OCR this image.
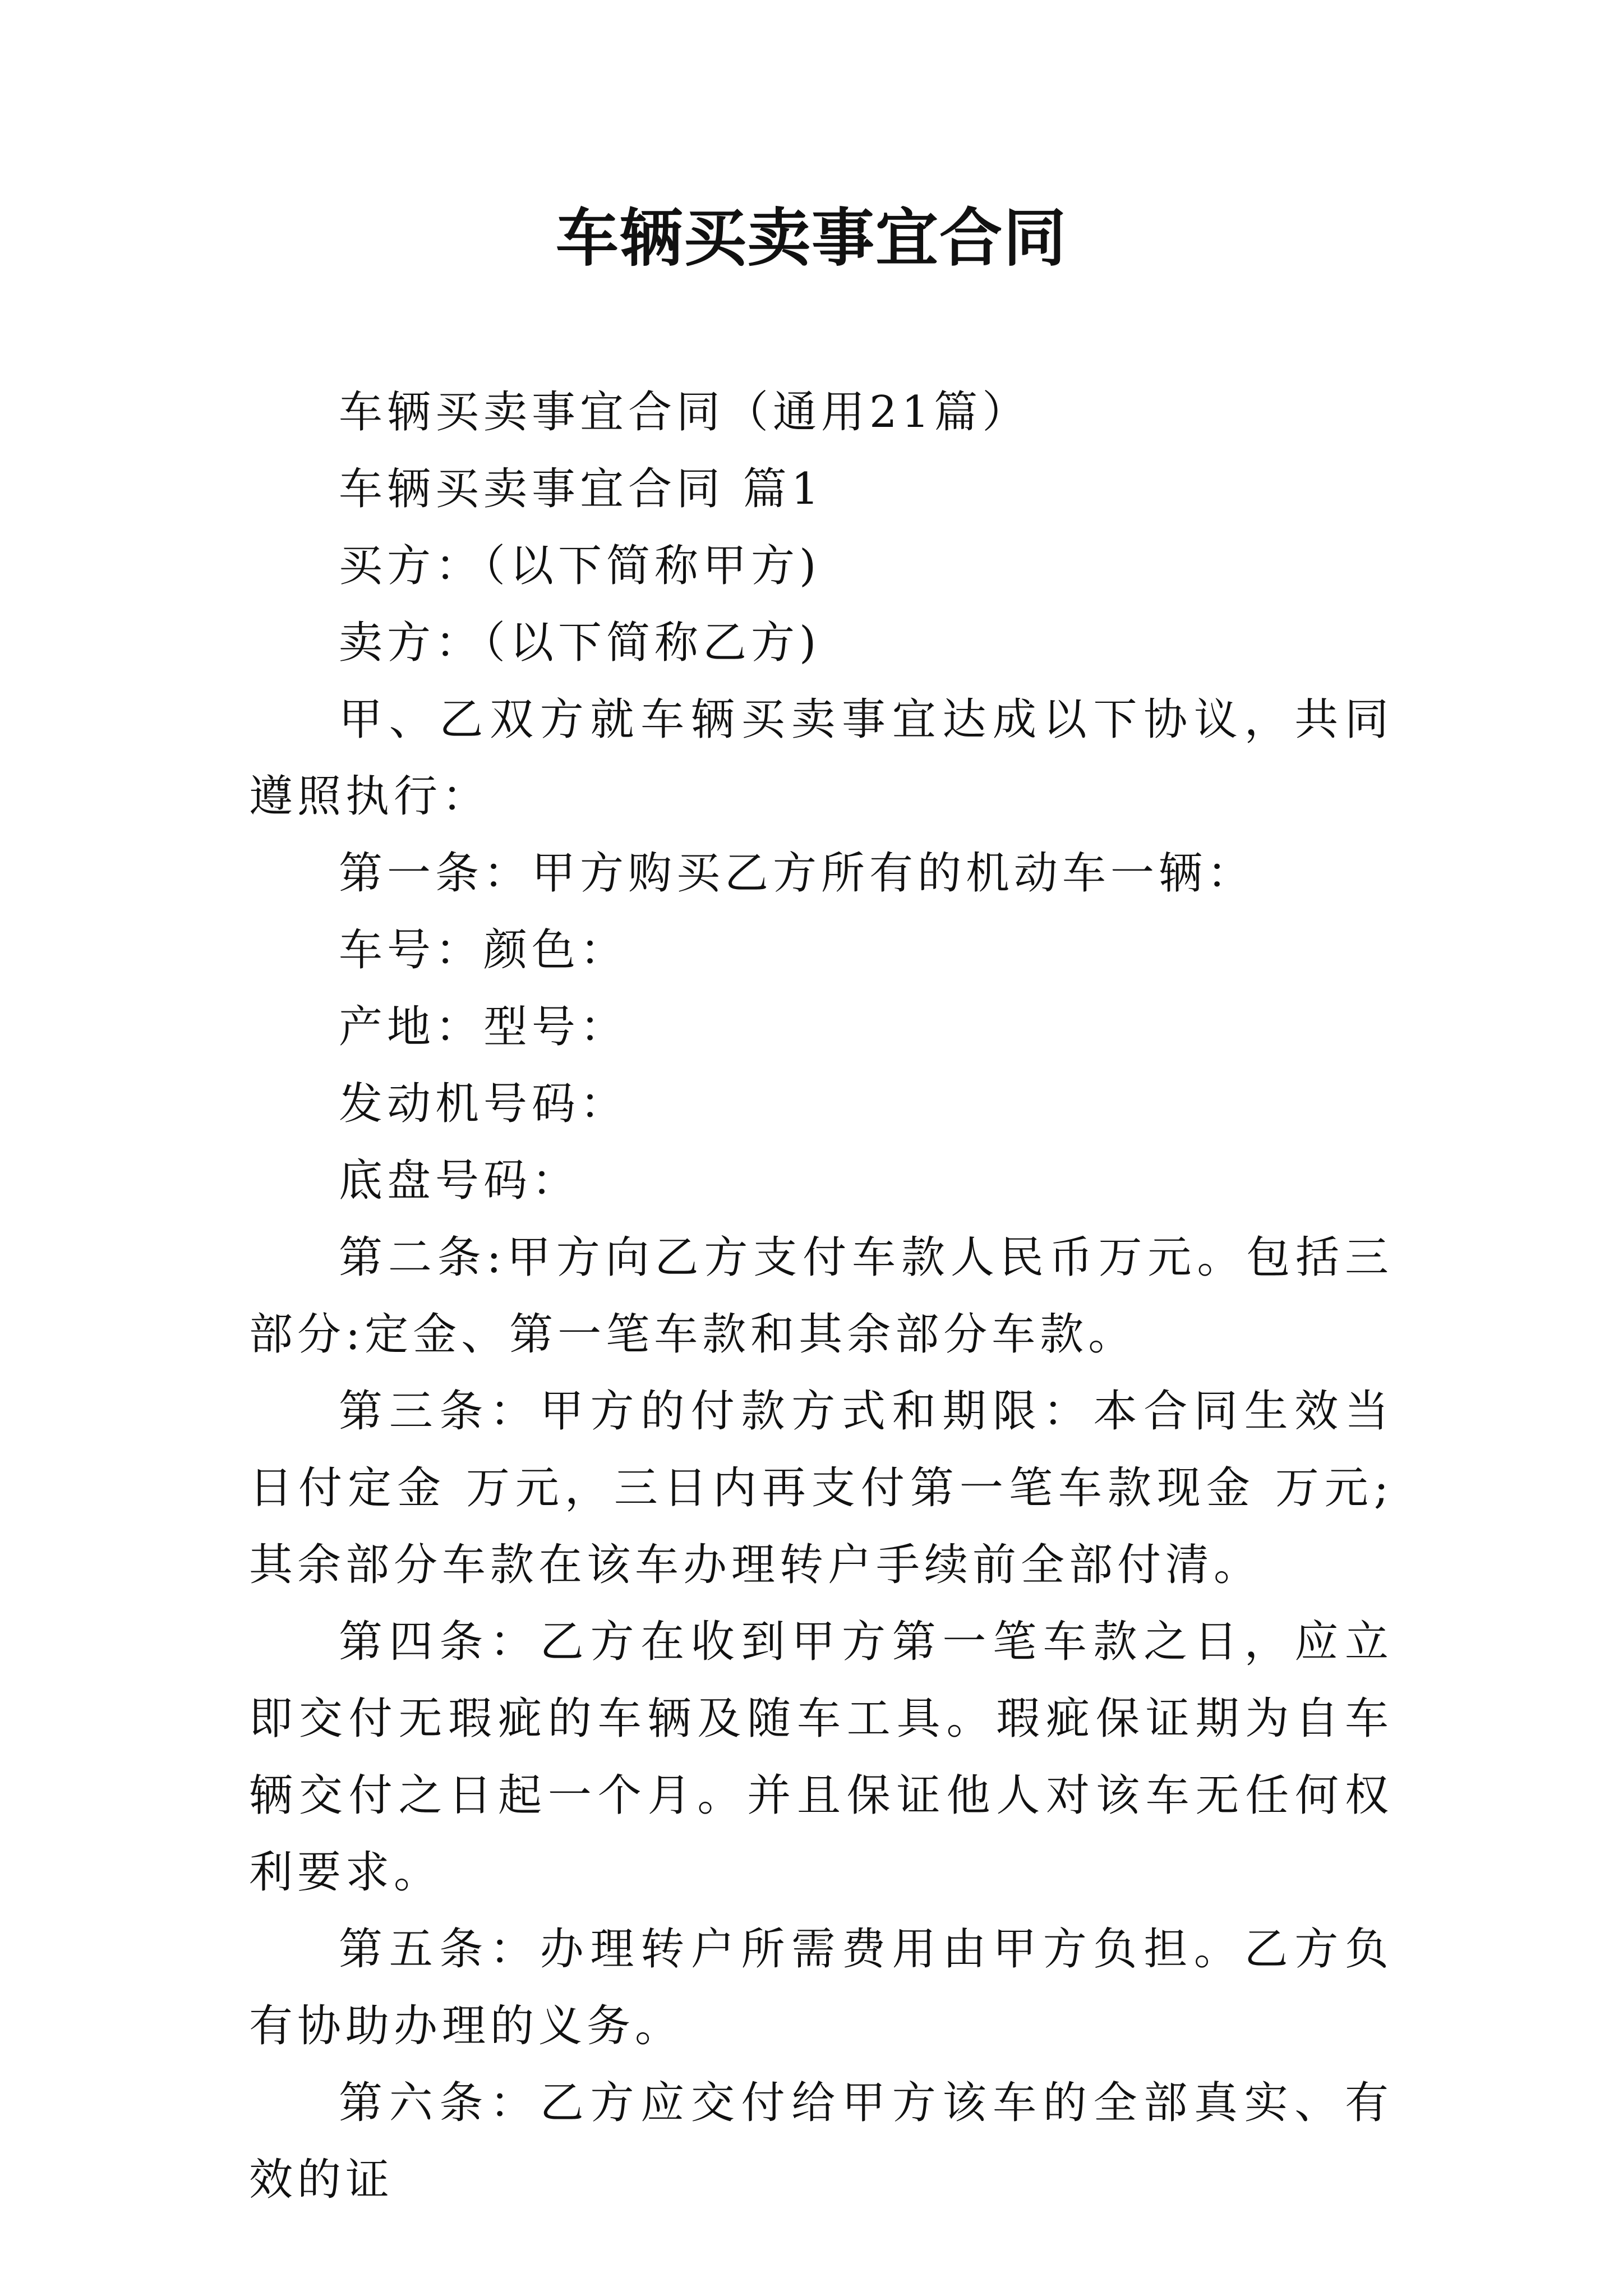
车辆买卖事宜合同

车辆买卖事宜合同（通用21篇）

车辆买卖事宜合同 篇1

买方：（以下简称甲方)

卖方：（以下简称乙方)

甲、乙双方就车辆买卖事宜达成以下协议，共同遵照执行：

第一条：甲方购买乙方所有的机动车一辆：

车号：颜色：

产地：型号：

发动机号码：

底盘号码：

第二条:甲方向乙方支付车款人民币万元。包括三部分:定金、第一笔车款和其余部分车款。

第三条：甲方的付款方式和期限：本合同生效当日付定金 万元，三日内再支付第一笔车款现金 万元;其余部分车款在该车办理转户手续前全部付清。

第四条：乙方在收到甲方第一笔车款之日，应立即交付无瑕疵的车辆及随车工具。瑕疵保证期为自车辆交付之日起一个月。并且保证他人对该车无任何权利要求。

第五条：办理转户所需费用由甲方负担。乙方负有协助办理的义务。

第六条：乙方应交付给甲方该车的全部真实、有效的证
